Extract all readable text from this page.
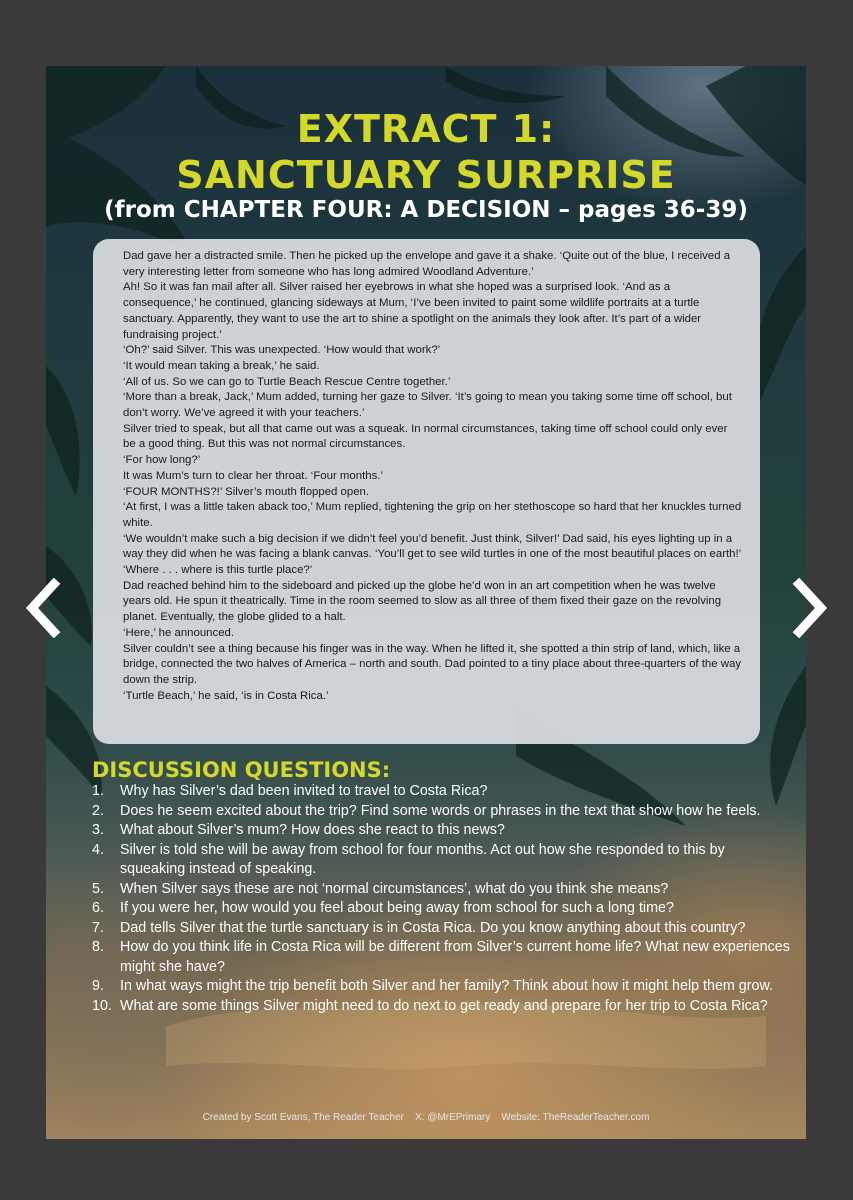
EXTRACT 1:
SANCTUARY SURPRISE
(from CHAPTER FOUR: A DECISION – pages 36-39)

Dad gave her a distracted smile. Then he picked up the envelope and gave it a shake. ‘Quite out of the blue, I received a very interesting letter from someone who has long admired Woodland Adventure.’

Ah! So it was fan mail after all. Silver raised her eyebrows in what she hoped was a surprised look. ‘And as a consequence,’ he continued, glancing sideways at Mum, ‘I’ve been invited to paint some wildlife portraits at a turtle sanctuary. Apparently, they want to use the art to shine a spotlight on the animals they look after. It’s part of a wider fundraising project.’

‘Oh?’ said Silver. This was unexpected. ‘How would that work?’

‘It would mean taking a break,’ he said.

‘All of us. So we can go to Turtle Beach Rescue Centre together.’

‘More than a break, Jack,’ Mum added, turning her gaze to Silver. ‘It’s going to mean you taking some time off school, but don’t worry. We’ve agreed it with your teachers.’

Silver tried to speak, but all that came out was a squeak. In normal circumstances, taking time off school could only ever be a good thing. But this was not normal circumstances.

‘For how long?’

It was Mum’s turn to clear her throat. ‘Four months.’

‘FOUR MONTHS?!’ Silver’s mouth flopped open.

‘At first, I was a little taken aback too,’ Mum replied, tightening the grip on her stethoscope so hard that her knuckles turned white.

‘We wouldn’t make such a big decision if we didn’t feel you’d benefit. Just think, Silver!’ Dad said, his eyes lighting up in a way they did when he was facing a blank canvas. ‘You’ll get to see wild turtles in one of the most beautiful places on earth!’

‘Where . . . where is this turtle place?’

Dad reached behind him to the sideboard and picked up the globe he’d won in an art competition when he was twelve years old. He spun it theatrically. Time in the room seemed to slow as all three of them fixed their gaze on the revolving planet. Eventually, the globe glided to a halt.

‘Here,’ he announced.

Silver couldn’t see a thing because his finger was in the way. When he lifted it, she spotted a thin strip of land, which, like a bridge, connected the two halves of America – north and south. Dad pointed to a tiny place about three-quarters of the way down the strip.

‘Turtle Beach,’ he said, ‘is in Costa Rica.’

DISCUSSION QUESTIONS:
1. Why has Silver’s dad been invited to travel to Costa Rica?
2. Does he seem excited about the trip? Find some words or phrases in the text that show how he feels.
3. What about Silver’s mum? How does she react to this news?
4. Silver is told she will be away from school for four months. Act out how she responded to this by squeaking instead of speaking.
5. When Silver says these are not ‘normal circumstances’, what do you think she means?
6. If you were her, how would you feel about being away from school for such a long time?
7. Dad tells Silver that the turtle sanctuary is in Costa Rica. Do you know anything about this country?
8. How do you think life in Costa Rica will be different from Silver’s current home life? What new experiences might she have?
9. In what ways might the trip benefit both Silver and her family? Think about how it might help them grow.
10. What are some things Silver might need to do next to get ready and prepare for her trip to Costa Rica?
Created by Scott Evans, The Reader Teacher    X: @MrEPrimary    Website: TheReaderTeacher.com
